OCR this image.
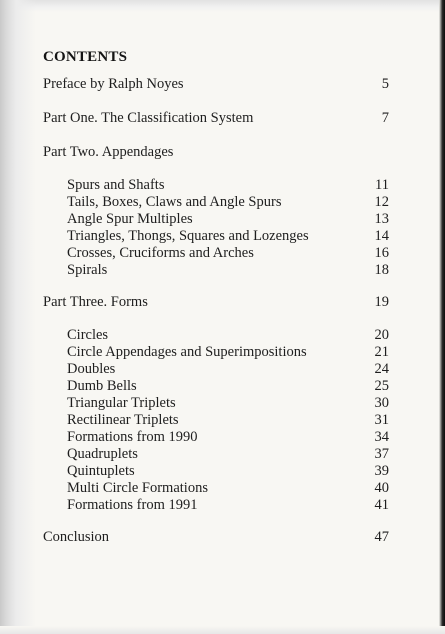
CONTENTS
Preface by Ralph Noyes	5
Part One. The Classification System	7
Part Two. Appendages
Spurs and Shafts	11
Tails, Boxes, Claws and Angle Spurs	12
Angle Spur Multiples	13
Triangles, Thongs, Squares and Lozenges	14
Crosses, Cruciforms and Arches	16
Spirals	18
Part Three. Forms	19
Circles	20
Circle Appendages and Superimpositions	21
Doubles	24
Dumb Bells	25
Triangular Triplets	30
Rectilinear Triplets	31
Formations from 1990	34
Quadruplets	37
Quintuplets	39
Multi Circle Formations	40
Formations from 1991	41
Conclusion	47
